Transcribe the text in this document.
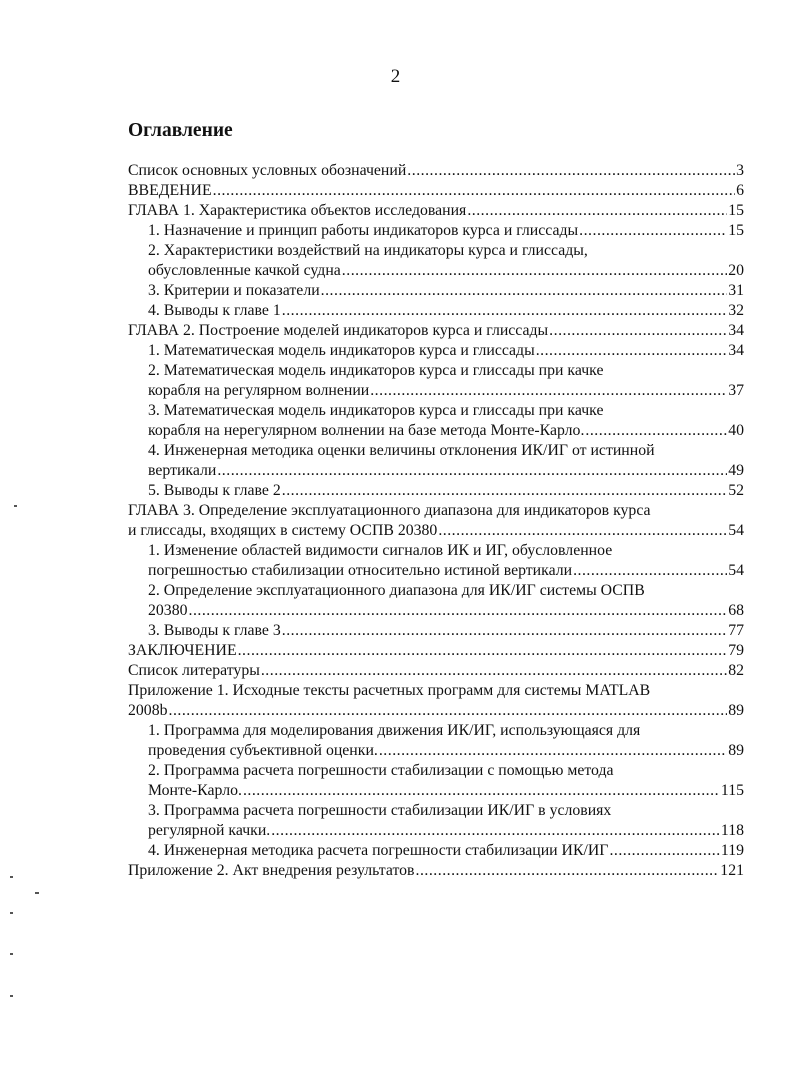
2
Оглавление
Список основных условных обозначений .....	3
ВВЕДЕНИЕ .....	6
ГЛАВА 1. Характеристика объектов исследования .....	15
1. Назначение и принцип работы индикаторов курса и глиссады .....	15
2. Характеристики воздействий на индикаторы курса и глиссады,
обусловленные качкой судна .....	20
3. Критерии и показатели .....	31
4. Выводы к главе 1 .....	32
ГЛАВА 2. Построение моделей индикаторов курса и глиссады .....	34
1. Математическая модель индикаторов курса и глиссады .....	34
2. Математическая модель индикаторов курса и глиссады при качке
корабля на регулярном волнении .....	37
3. Математическая модель индикаторов курса и глиссады при качке
корабля на нерегулярном волнении на базе метода Монте-Карло. .....	40
4. Инженерная методика оценки величины отклонения ИК/ИГ от истинной
вертикали .....	49
5. Выводы к главе 2 .....	52
ГЛАВА 3. Определение эксплуатационного диапазона для индикаторов курса
и глиссады, входящих в систему ОСПВ 20380 .....	54
1. Изменение областей видимости сигналов ИК и ИГ, обусловленное
погрешностью стабилизации относительно истиной вертикали .....	54
2. Определение эксплуатационного диапазона для ИК/ИГ системы ОСПВ
20380 .....	68
3. Выводы к главе 3 .....	77
ЗАКЛЮЧЕНИЕ .....	79
Список литературы .....	82
Приложение 1. Исходные тексты расчетных программ для системы MATLAB
2008b .....	89
1. Программа для моделирования движения ИК/ИГ, использующаяся для
проведения субъективной оценки. .....	89
2. Программа расчета погрешности стабилизации с помощью метода
Монте-Карло. .....	115
3. Программа расчета погрешности стабилизации ИК/ИГ в условиях
регулярной качки. .....	118
4. Инженерная методика расчета погрешности стабилизации ИК/ИГ .....	119
Приложение 2. Акт внедрения результатов .....	121
